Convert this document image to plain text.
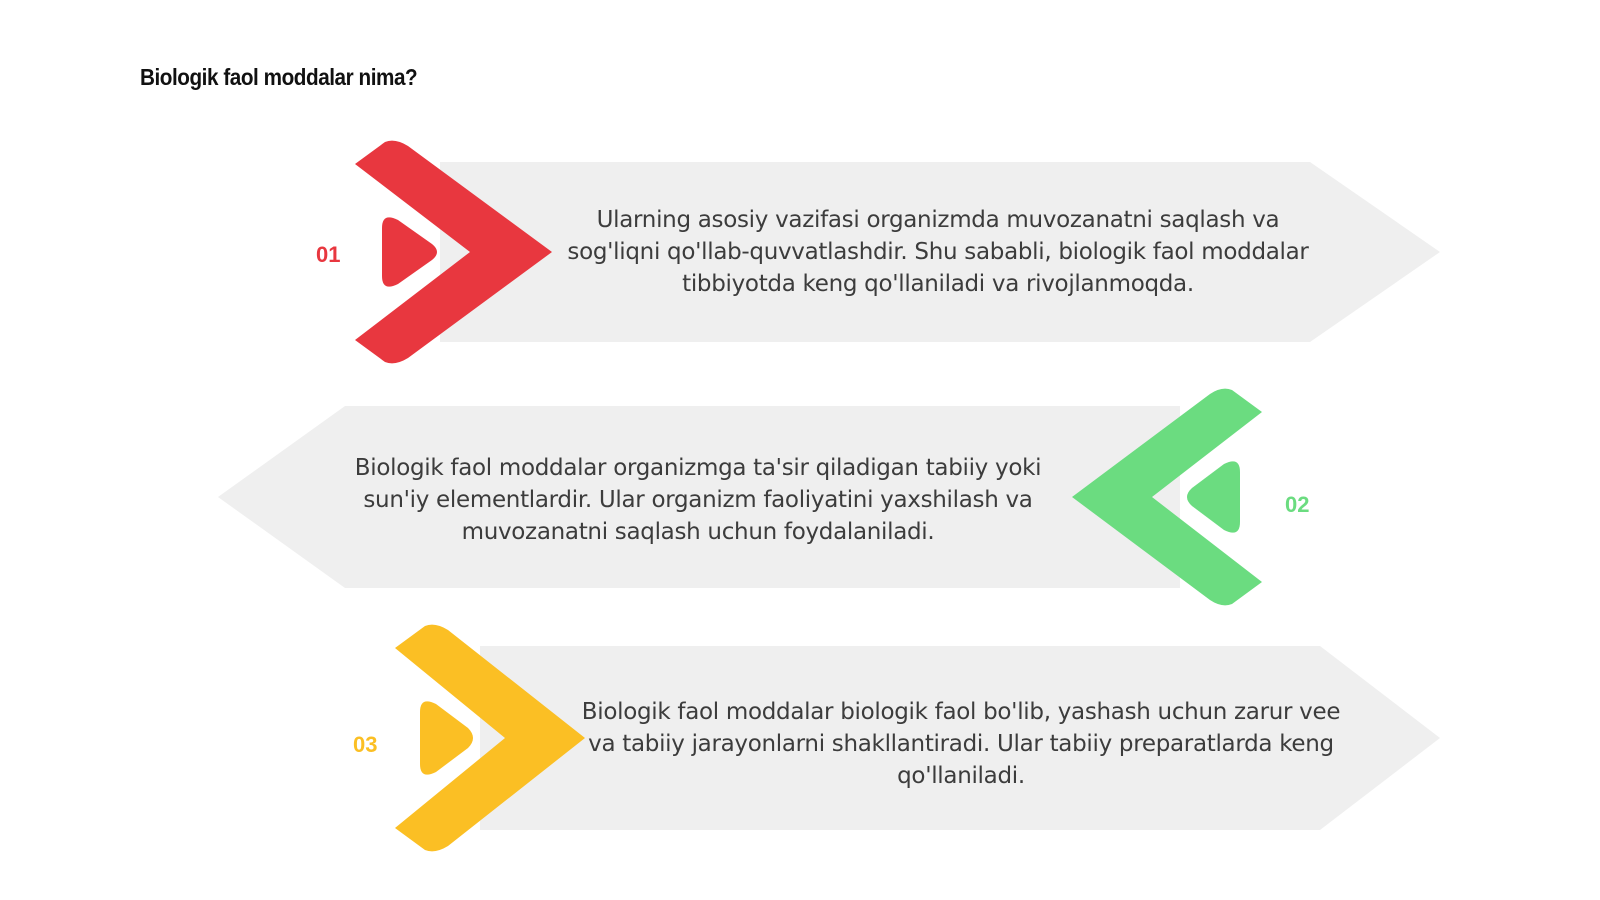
Biologik faol moddalar nima?
01
02
03
Ularning asosiy vazifasi organizmda muvozanatni saqlash va sog'liqni qo'llab-quvvatlashdir. Shu sababli, biologik faol moddalar tibbiyotda keng qo'llaniladi va rivojlanmoqda.
Biologik faol moddalar organizmga ta'sir qiladigan tabiiy yoki sun'iy elementlardir. Ular organizm faoliyatini yaxshilash va muvozanatni saqlash uchun foydalaniladi.
Biologik faol moddalar biologik faol bo'lib, yashash uchun zarur vee va tabiiy jarayonlarni shakllantiradi. Ular tabiiy preparatlarda keng qo'llaniladi.
